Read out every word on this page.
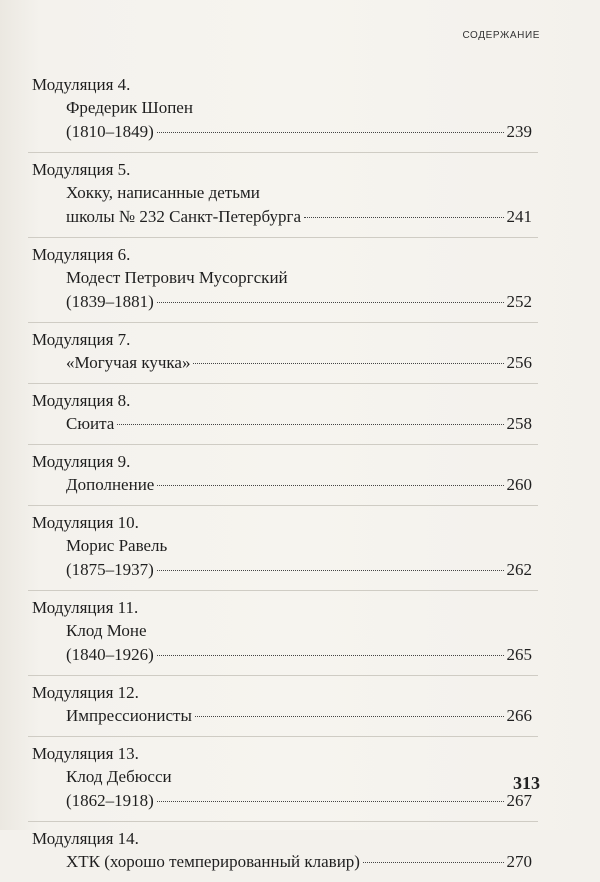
СОДЕРЖАНИЕ
Модуляция 4.
Фредерик Шопен
(1810–1849)	239
Модуляция 5.
Хокку, написанные детьми
школы № 232 Санкт-Петербурга	241
Модуляция 6.
Модест Петрович Мусоргский
(1839–1881)	252
Модуляция 7.
«Могучая кучка»	256
Модуляция 8.
Сюита	258
Модуляция 9.
Дополнение	260
Модуляция 10.
Морис Равель
(1875–1937)	262
Модуляция 11.
Клод Моне
(1840–1926)	265
Модуляция 12.
Импрессионисты	266
Модуляция 13.
Клод Дебюсси
(1862–1918)	267
Модуляция 14.
ХТК (хорошо темперированный клавир)	270
313
